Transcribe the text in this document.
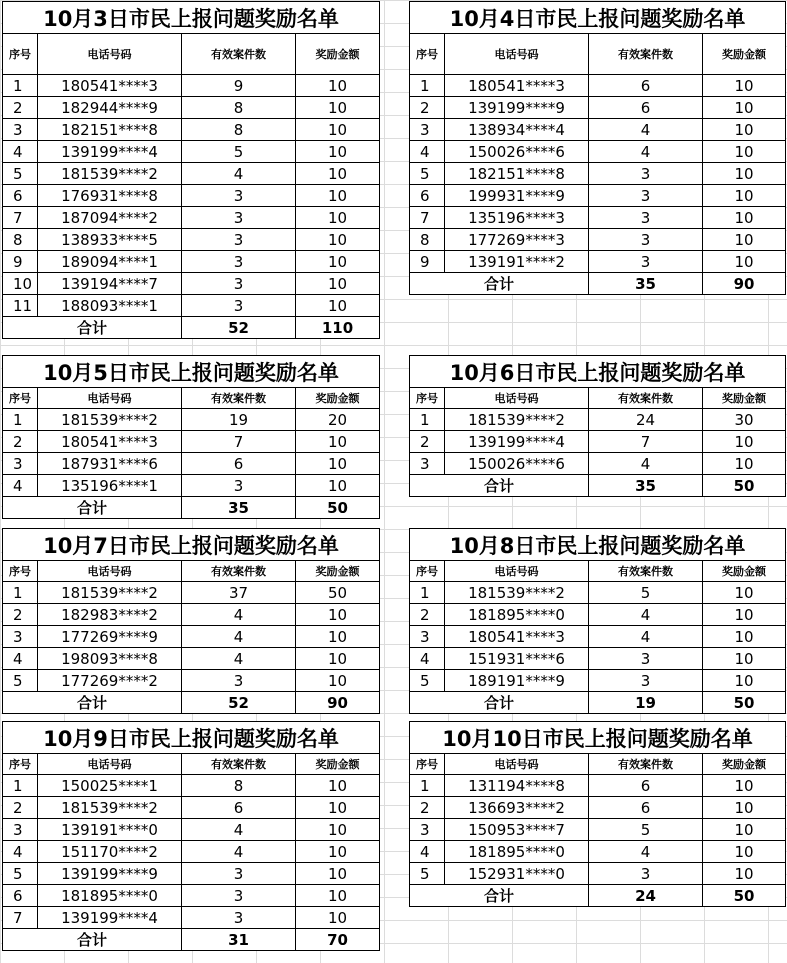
10月3日市民上报问题奖励名单			
序号	电话号码	有效案件数	奖励金额
1	180541****3	9	10
2	182944****9	8	10
3	182151****8	8	10
4	139199****4	5	10
5	181539****2	4	10
6	176931****8	3	10
7	187094****2	3	10
8	138933****5	3	10
9	189094****1	3	10
10	139194****7	3	10
11	188093****1	3	10
合计		52	110
10月4日市民上报问题奖励名单			
序号	电话号码	有效案件数	奖励金额
1	180541****3	6	10
2	139199****9	6	10
3	138934****4	4	10
4	150026****6	4	10
5	182151****8	3	10
6	199931****9	3	10
7	135196****3	3	10
8	177269****3	3	10
9	139191****2	3	10
合计		35	90
10月5日市民上报问题奖励名单			
序号	电话号码	有效案件数	奖励金额
1	181539****2	19	20
2	180541****3	7	10
3	187931****6	6	10
4	135196****1	3	10
合计		35	50
10月6日市民上报问题奖励名单			
序号	电话号码	有效案件数	奖励金额
1	181539****2	24	30
2	139199****4	7	10
3	150026****6	4	10
合计		35	50
10月7日市民上报问题奖励名单			
序号	电话号码	有效案件数	奖励金额
1	181539****2	37	50
2	182983****2	4	10
3	177269****9	4	10
4	198093****8	4	10
5	177269****2	3	10
合计		52	90
10月8日市民上报问题奖励名单			
序号	电话号码	有效案件数	奖励金额
1	181539****2	5	10
2	181895****0	4	10
3	180541****3	4	10
4	151931****6	3	10
5	189191****9	3	10
合计		19	50
10月9日市民上报问题奖励名单			
序号	电话号码	有效案件数	奖励金额
1	150025****1	8	10
2	181539****2	6	10
3	139191****0	4	10
4	151170****2	4	10
5	139199****9	3	10
6	181895****0	3	10
7	139199****4	3	10
合计		31	70
10月10日市民上报问题奖励名单			
序号	电话号码	有效案件数	奖励金额
1	131194****8	6	10
2	136693****2	6	10
3	150953****7	5	10
4	181895****0	4	10
5	152931****0	3	10
合计		24	50
